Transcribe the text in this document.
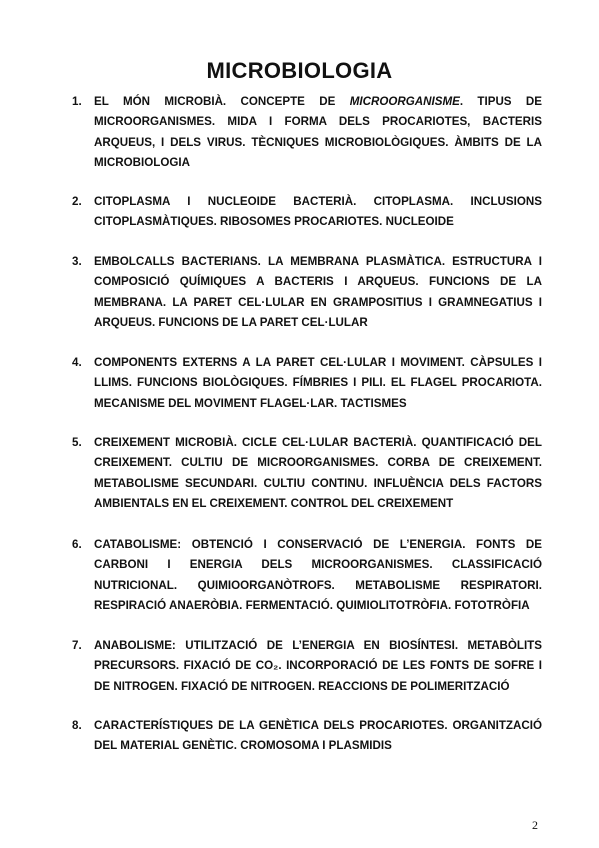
MICROBIOLOGIA
1.	EL MÓN MICROBIÀ. CONCEPTE DE MICROORGANISME. TIPUS DE MICROORGANISMES. MIDA I FORMA DELS PROCARIOTES, BACTERIS ARQUEUS, I DELS VIRUS. TÈCNIQUES MICROBIOLÒGIQUES. ÀMBITS DE LA MICROBIOLOGIA
2.	CITOPLASMA I NUCLEOIDE BACTERIÀ. CITOPLASMA. INCLUSIONS CITOPLASMÀTIQUES. RIBOSOMES PROCARIOTES. NUCLEOIDE
3.	EMBOLCALLS BACTERIANS. LA MEMBRANA PLASMÀTICA. ESTRUCTURA I COMPOSICIÓ QUÍMIQUES A BACTERIS I ARQUEUS. FUNCIONS DE LA MEMBRANA. LA PARET CEL·LULAR EN GRAMPOSITIUS I GRAMNEGATIUS I ARQUEUS. FUNCIONS DE LA PARET CEL·LULAR
4.	COMPONENTS EXTERNS A LA PARET CEL·LULAR I MOVIMENT. CÀPSULES I LLIMS. FUNCIONS BIOLÒGIQUES. FÍMBRIES I PILI. EL FLAGEL PROCARIOTA. MECANISME DEL MOVIMENT FLAGEL·LAR. TACTISMES
5.	CREIXEMENT MICROBIÀ. CICLE CEL·LULAR BACTERIÀ. QUANTIFICACIÓ DEL CREIXEMENT. CULTIU DE MICROORGANISMES. CORBA DE CREIXEMENT. METABOLISME SECUNDARI. CULTIU CONTINU. INFLUÈNCIA DELS FACTORS AMBIENTALS EN EL CREIXEMENT. CONTROL DEL CREIXEMENT
6.	CATABOLISME: OBTENCIÓ I CONSERVACIÓ DE L’ENERGIA. FONTS DE CARBONI I ENERGIA DELS MICROORGANISMES. CLASSIFICACIÓ NUTRICIONAL. QUIMIOORGANÒTROFS. METABOLISME RESPIRATORI. RESPIRACIÓ ANAERÒBIA. FERMENTACIÓ. QUIMIOLITOTRÒFIA. FOTOTRÒFIA
7.	ANABOLISME: UTILITZACIÓ DE L’ENERGIA EN BIOSÍNTESI. METABÒLITS PRECURSORS. FIXACIÓ DE CO₂. INCORPORACIÓ DE LES FONTS DE SOFRE I DE NITROGEN. FIXACIÓ DE NITROGEN. REACCIONS DE POLIMERITZACIÓ
8.	CARACTERÍSTIQUES DE LA GENÈTICA DELS PROCARIOTES. ORGANITZACIÓ DEL MATERIAL GENÈTIC. CROMOSOMA I PLASMIDIS
2
